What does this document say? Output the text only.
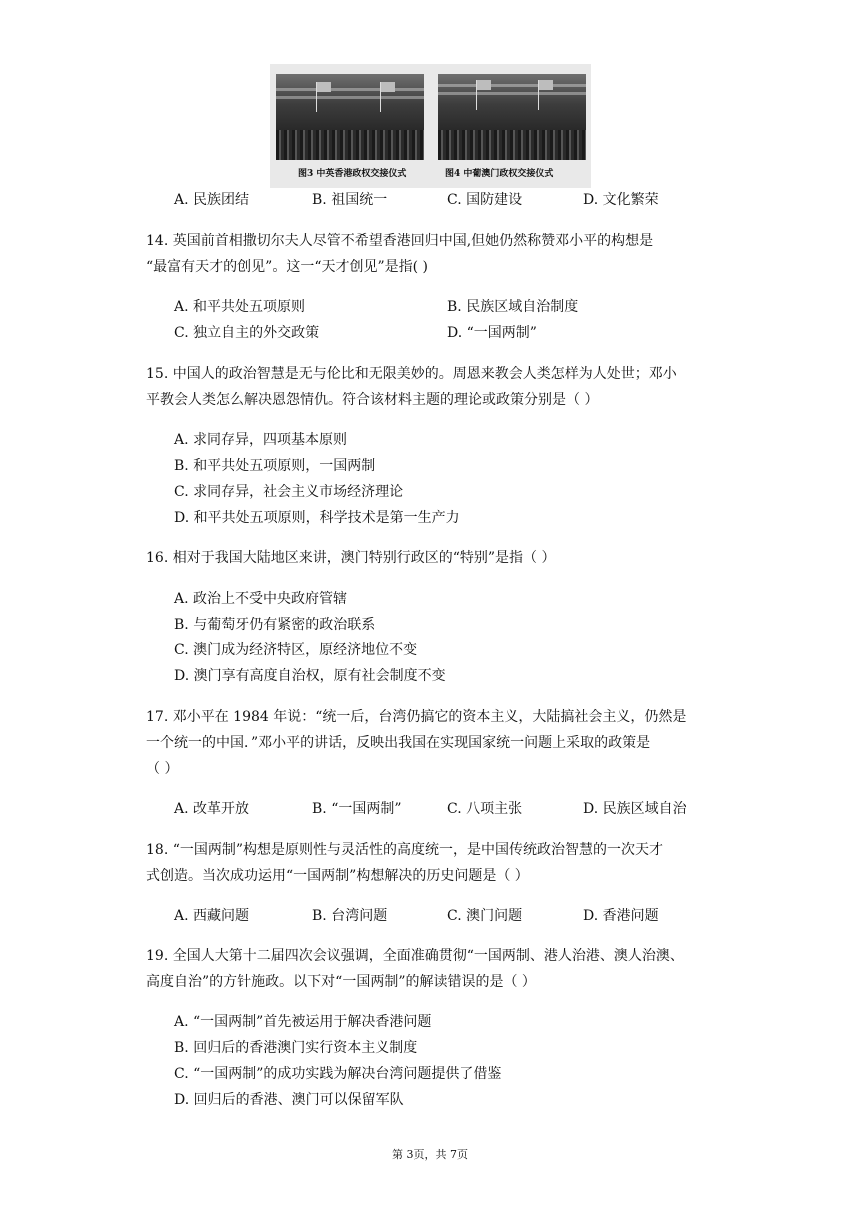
图3 中英香港政权交接仪式	图4 中葡澳门政权交接仪式
A. 民族团结	B. 祖国统一	C. 国防建设	D. 文化繁荣
14. 英国前首相撒切尔夫人尽管不希望香港回归中国,但她仍然称赞邓小平的构想是
“最富有天才的创见”。这一“天才创见”是指( )
A. 和平共处五项原则	B. 民族区域自治制度
C. 独立自主的外交政策	D. “一国两制”
15. 中国人的政治智慧是无与伦比和无限美妙的。周恩来教会人类怎样为人处世；邓小
平教会人类怎么解决恩怨情仇。符合该材料主题的理论或政策分别是（ ）
A. 求同存异，四项基本原则
B. 和平共处五项原则，一国两制
C. 求同存异，社会主义市场经济理论
D. 和平共处五项原则，科学技术是第一生产力
16. 相对于我国大陆地区来讲，澳门特别行政区的“特别”是指（ ）
A. 政治上不受中央政府管辖
B. 与葡萄牙仍有紧密的政治联系
C. 澳门成为经济特区，原经济地位不变
D. 澳门享有高度自治权，原有社会制度不变
17. 邓小平在 1984 年说：“统一后，台湾仍搞它的资本主义，大陆搞社会主义，仍然是
一个统一的中国．”邓小平的讲话，反映出我国在实现国家统一问题上采取的政策是
（ ）
A. 改革开放	B. “一国两制”	C. 八项主张	D. 民族区域自治
18. “一国两制”构想是原则性与灵活性的高度统一，是中国传统政治智慧的一次天才
式创造。当次成功运用“一国两制”构想解决的历史问题是（ ）
A. 西藏问题	B. 台湾问题	C. 澳门问题	D. 香港问题
19. 全国人大第十二届四次会议强调，全面准确贯彻“一国两制、港人治港、澳人治澳、
高度自治”的方针施政。以下对“一国两制”的解读错误的是（ ）
A. “一国两制”首先被运用于解决香港问题
B. 回归后的香港澳门实行资本主义制度
C. “一国两制”的成功实践为解决台湾问题提供了借鉴
D. 回归后的香港、澳门可以保留军队
第 3页，共 7页
